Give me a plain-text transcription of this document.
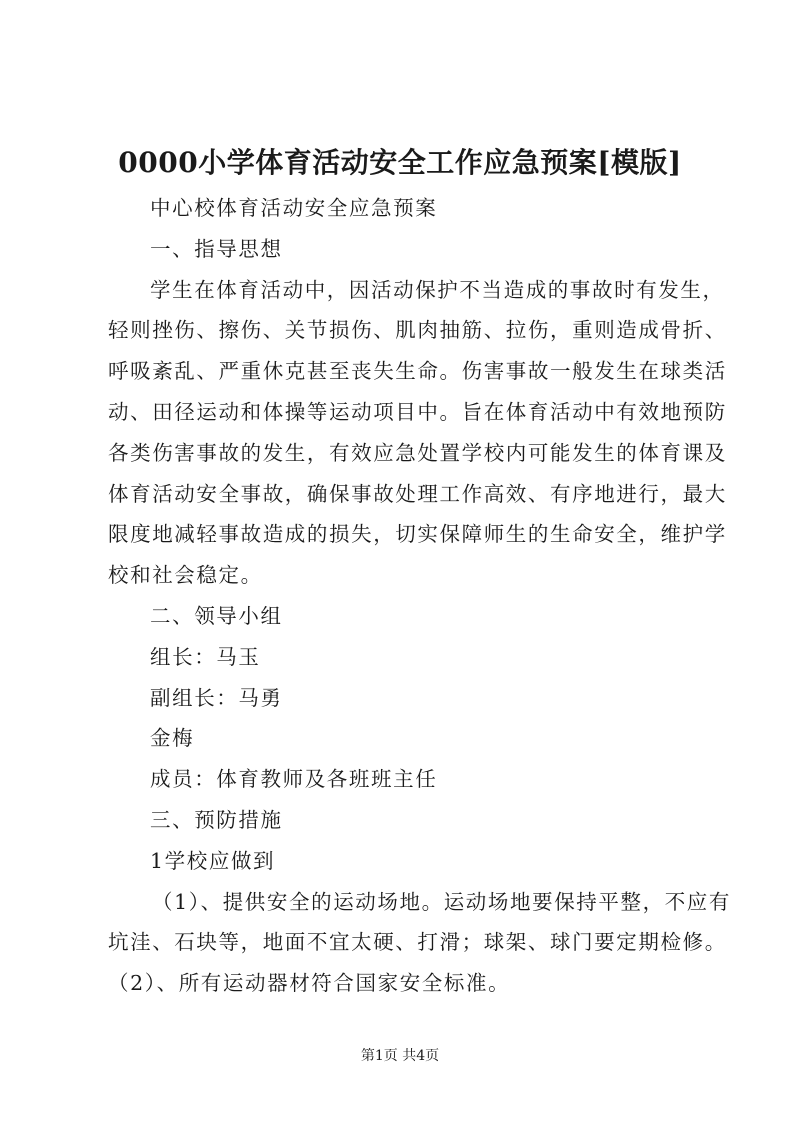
0000小学体育活动安全工作应急预案[模版]
中心校体育活动安全应急预案
一、指导思想
学生在体育活动中，因活动保护不当造成的事故时有发生，
轻则挫伤、擦伤、关节损伤、肌肉抽筋、拉伤，重则造成骨折、
呼吸紊乱、严重休克甚至丧失生命。伤害事故一般发生在球类活
动、田径运动和体操等运动项目中。旨在体育活动中有效地预防
各类伤害事故的发生，有效应急处置学校内可能发生的体育课及
体育活动安全事故，确保事故处理工作高效、有序地进行，最大
限度地减轻事故造成的损失，切实保障师生的生命安全，维护学
校和社会稳定。
二、领导小组
组长：马玉
副组长：马勇
金梅
成员：体育教师及各班班主任
三、预防措施
1学校应做到
（1）、提供安全的运动场地。运动场地要保持平整，不应有
坑洼、石块等，地面不宜太硬、打滑；球架、球门要定期检修。
（2）、所有运动器材符合国家安全标准。
第1页 共4页
